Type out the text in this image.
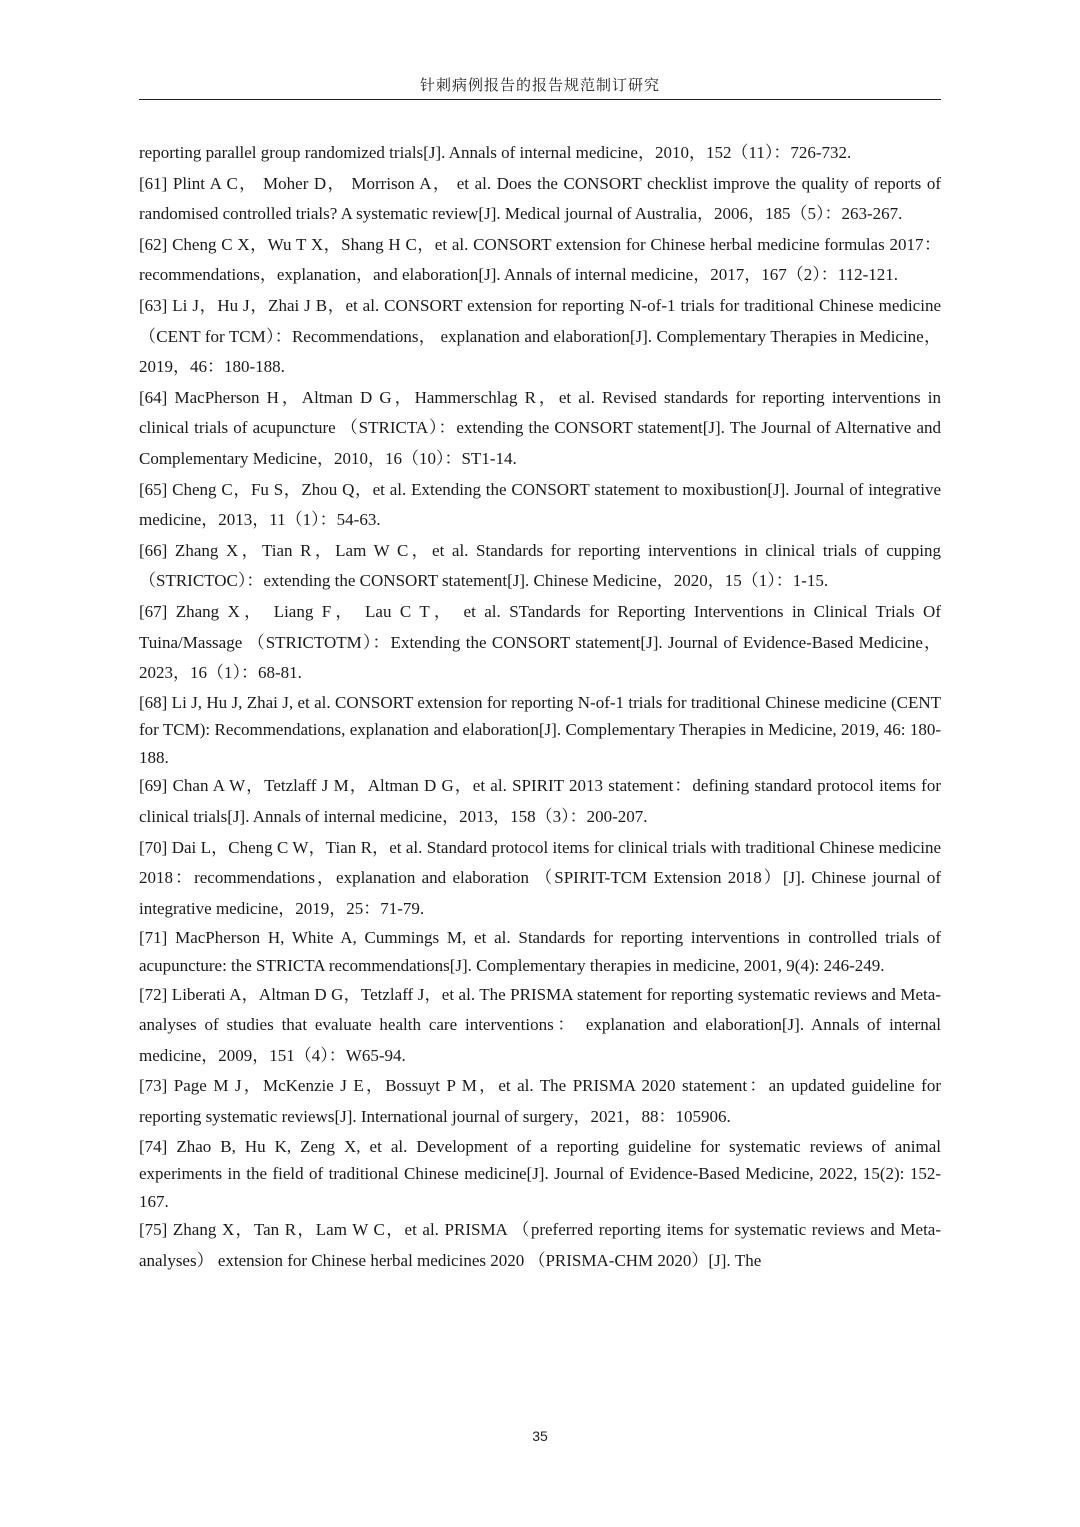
针刺病例报告的报告规范制订研究

reporting parallel group randomized trials[J]. Annals of internal medicine，2010，152（11）：726-732.

[61] Plint A C， Moher D， Morrison A， et al. Does the CONSORT checklist improve the quality of reports of randomised controlled trials? A systematic review[J]. Medical journal of Australia，2006，185（5）：263-267.

[62] Cheng C X，Wu T X，Shang H C，et al. CONSORT extension for Chinese herbal medicine formulas 2017：recommendations，explanation，and elaboration[J]. Annals of internal medicine，2017，167（2）：112-121.

[63] Li J，Hu J，Zhai J B，et al. CONSORT extension for reporting N-of-1 trials for traditional Chinese medicine （CENT for TCM）：Recommendations， explanation and elaboration[J]. Complementary Therapies in Medicine，2019，46：180-188.

[64] MacPherson H，Altman D G，Hammerschlag R，et al. Revised standards for reporting interventions in clinical trials of acupuncture （STRICTA）：extending the CONSORT statement[J]. The Journal of Alternative and Complementary Medicine，2010，16（10）：ST1-14.

[65] Cheng C，Fu S，Zhou Q，et al. Extending the CONSORT statement to moxibustion[J]. Journal of integrative medicine，2013，11（1）：54-63.

[66] Zhang X，Tian R，Lam W C，et al. Standards for reporting interventions in clinical trials of cupping（STRICTOC）：extending the CONSORT statement[J]. Chinese Medicine，2020，15（1）：1-15.

[67] Zhang X， Liang F， Lau C T， et al. STandards for Reporting Interventions in Clinical Trials Of Tuina/Massage （STRICTOTM）：Extending the CONSORT statement[J]. Journal of Evidence-Based Medicine，2023，16（1）：68-81.

[68] Li J, Hu J, Zhai J, et al. CONSORT extension for reporting N-of-1 trials for traditional Chinese medicine (CENT for TCM): Recommendations, explanation and elaboration[J]. Complementary Therapies in Medicine, 2019, 46: 180-188.

[69] Chan A W，Tetzlaff J M，Altman D G，et al. SPIRIT 2013 statement：defining standard protocol items for clinical trials[J]. Annals of internal medicine，2013，158（3）：200-207.

[70] Dai L，Cheng C W，Tian R，et al. Standard protocol items for clinical trials with traditional Chinese medicine 2018：recommendations，explanation and elaboration （SPIRIT-TCM Extension 2018）[J]. Chinese journal of integrative medicine，2019，25：71-79.

[71] MacPherson H, White A, Cummings M, et al. Standards for reporting interventions in controlled trials of acupuncture: the STRICTA recommendations[J]. Complementary therapies in medicine, 2001, 9(4): 246-249.

[72] Liberati A，Altman D G，Tetzlaff J，et al. The PRISMA statement for reporting systematic reviews and Meta-analyses of studies that evaluate health care interventions： explanation and elaboration[J]. Annals of internal medicine，2009，151（4）：W65-94.

[73] Page M J，McKenzie J E，Bossuyt P M，et al. The PRISMA 2020 statement：an updated guideline for reporting systematic reviews[J]. International journal of surgery，2021，88：105906.

[74] Zhao B, Hu K, Zeng X, et al. Development of a reporting guideline for systematic reviews of animal experiments in the field of traditional Chinese medicine[J]. Journal of Evidence-Based Medicine, 2022, 15(2): 152-167.

[75] Zhang X，Tan R，Lam W C，et al. PRISMA （preferred reporting items for systematic reviews and Meta-analyses） extension for Chinese herbal medicines 2020 （PRISMA-CHM 2020）[J]. The

35
